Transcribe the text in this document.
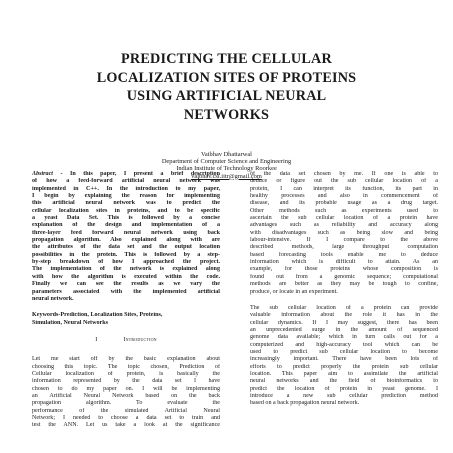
PREDICTING THE CELLULAR
LOCALIZATION SITES OF PROTEINS
USING ARTIFICIAL NEURAL
NETWORKS
Vaibhav Dhattarwal
Department of Computer Science and Engineering
Indian Institute of Technology Roorkee
vaibhav.csi.iitr@gmail.com
Abstract - In this paper, I present a brief description
of how a feed-forward artificial neural network was
implemented in C++. In the introduction to my paper,
I begin by explaining the reason for implementing
this artificial neural network was to predict the
cellular localization sites in proteins, and to be specific
a yeast Data Set. This is followed by a concise
explanation of the design and implementation of a
three-layer feed forward neural network using back
propagation algorithm. Also explained along with are
the attributes of the data set and the output location
possibilities in the protein. This is followed by a step-
by-step breakdown of how I approached the project.
The implementation of the network is explained along
with how the algorithm is executed within the code.
Finally we can see the results as we vary the
parameters associated with the implemented artificial
neural network.
Keywords-Prediction, Localization Sites, Proteins,
Simulation, Neural Networks
I	Introduction
Let me start off by the basic explanation about
choosing this topic. The topic chosen, Prediction of
Cellular localization of protein, is basically the
information represented by the data set I have
chosen to do my paper on. I will be implementing
an Artificial Neural Network based on the back
propagation algorithm. To evaluate the
performance of the simulated Artificial Neural
Network; I needed to choose a data set to train and
test the ANN. Let us take a look at the significance
of the data set chosen by me. If one is able to
deduce or figure out the sub cellular location of a
protein, I can interpret its function, its part in
healthy processes and also in commencement of
disease, and its probable usage as a drug target.
Other methods such as experiments used to
ascertain the sub cellular location of a protein have
advantages such as reliability and accuracy along
with disadvantages such as being slow and being
labour-intensive. If I compare to the above
described methods, large throughput computation
based forecasting tools enable me to deduce
information which is difficult to attain. As an
example, for those proteins whose composition is
found out from a genomic sequence; computational
methods are better as they may be tough to confine,
produce, or locate in an experiment.
The sub cellular location of a protein can provide
valuable information about the role it has in the
cellular dynamics. If I may suggest, there has been
an unprecedented surge in the amount of sequenced
genome data available; which in turn calls out for a
computerized and high-accuracy tool which can be
used to predict sub cellular location to become
increasingly important. There have been lots of
efforts to predict properly the protein sub cellular
location. This paper aim to assimilate the artificial
neural networks and the field of bioinformatics to
predict the location of protein in yeast genome. I
introduce a new sub cellular prediction method
based on a back propagation neural network.
